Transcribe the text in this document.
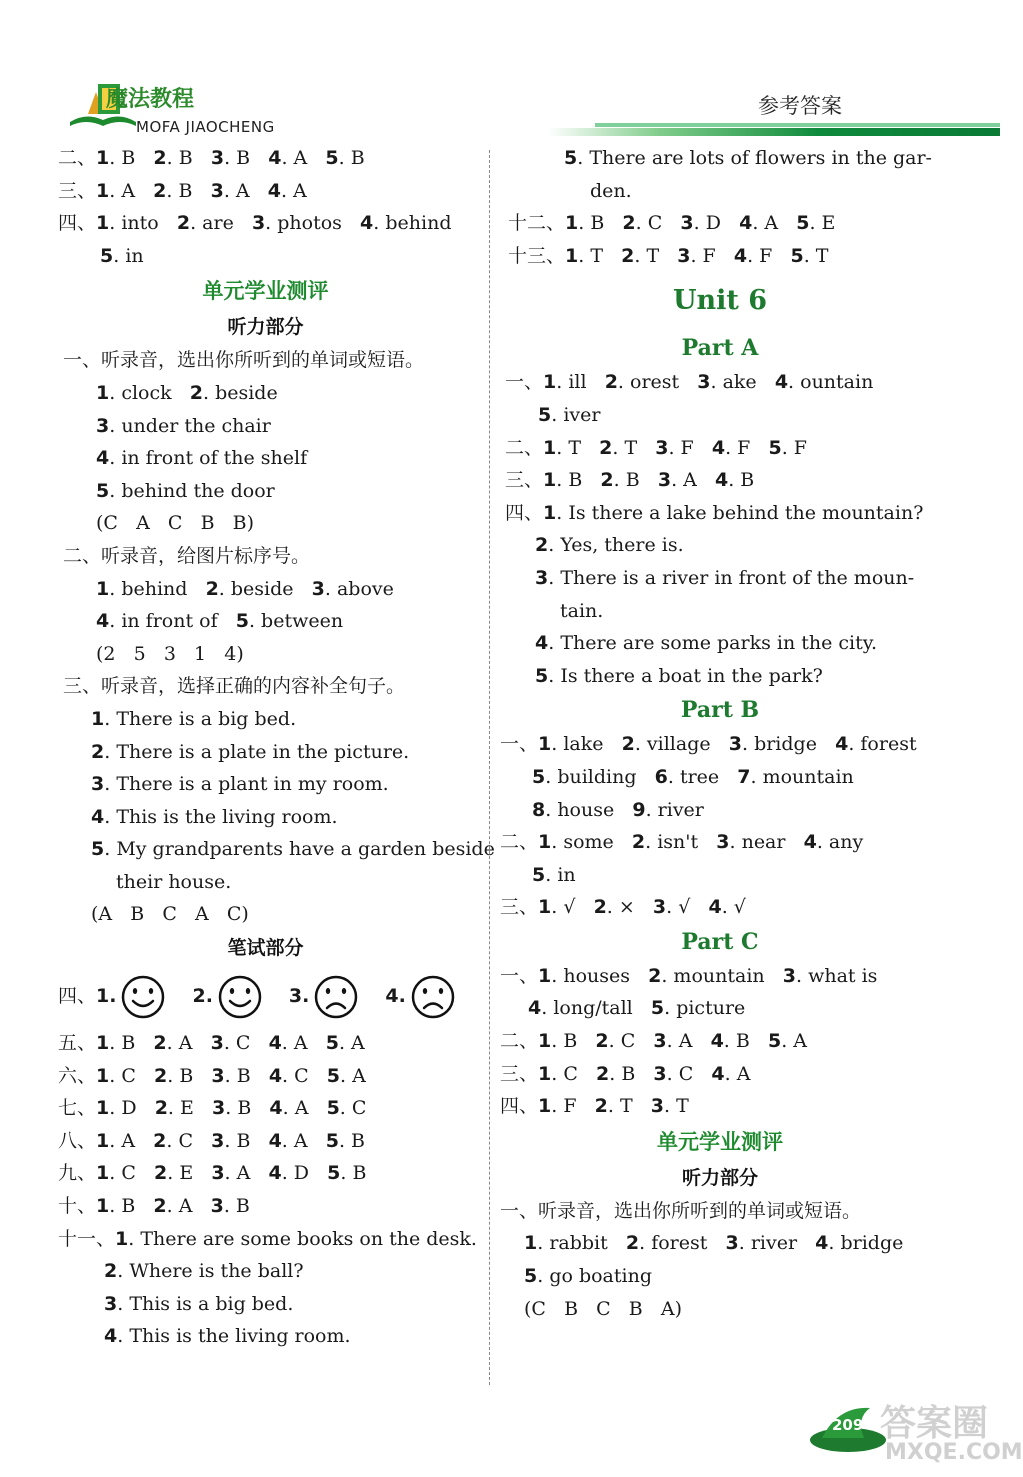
魔法教程
MOFA JIAOCHENG
参考答案
二、1. B   2. B   3. B   4. A   5. B
三、1. A   2. B   3. A   4. A
四、1. into   2. are   3. photos   4. behind
5. in
单元学业测评
听力部分
一、听录音，选出你所听到的单词或短语。
1. clock   2. beside
3. under the chair
4. in front of the shelf
5. behind the door
(C   A   C   B   B)
二、听录音，给图片标序号。
1. behind   2. beside   3. above
4. in front of   5. between
(2   5   3   1   4)
三、听录音，选择正确的内容补全句子。
1. There is a big bed.
2. There is a plate in the picture.
3. There is a plant in my room.
4. This is the living room.
5. My grandparents have a garden beside
their house.
(A   B   C   A   C)
笔试部分
四、1.	2.	3.	4.
五、1. B   2. A   3. C   4. A   5. A
六、1. C   2. B   3. B   4. C   5. A
七、1. D   2. E   3. B   4. A   5. C
八、1. A   2. C   3. B   4. A   5. B
九、1. C   2. E   3. A   4. D   5. B
十、1. B   2. A   3. B
十一、1. There are some books on the desk.
2. Where is the ball?
3. This is a big bed.
4. This is the living room.
5. There are lots of flowers in the gar-
den.
十二、1. B   2. C   3. D   4. A   5. E
十三、1. T   2. T   3. F   4. F   5. T
Unit 6
Part A
一、1. ill   2. orest   3. ake   4. ountain
5. iver
二、1. T   2. T   3. F   4. F   5. F
三、1. B   2. B   3. A   4. B
四、1. Is there a lake behind the mountain?
2. Yes, there is.
3. There is a river in front of the moun-
tain.
4. There are some parks in the city.
5. Is there a boat in the park?
Part B
一、1. lake   2. village   3. bridge   4. forest
5. building   6. tree   7. mountain
8. house   9. river
二、1. some   2. isn't   3. near   4. any
5. in
三、1. √   2. ×   3. √   4. √
Part C
一、1. houses   2. mountain   3. what is
4. long/tall   5. picture
二、1. B   2. C   3. A   4. B   5. A
三、1. C   2. B   3. C   4. A
四、1. F   2. T   3. T
单元学业测评
听力部分
一、听录音，选出你所听到的单词或短语。
1. rabbit   2. forest   3. river   4. bridge
5. go boating
(C   B   C   B   A)
209 答案圈
MXQE.COM
